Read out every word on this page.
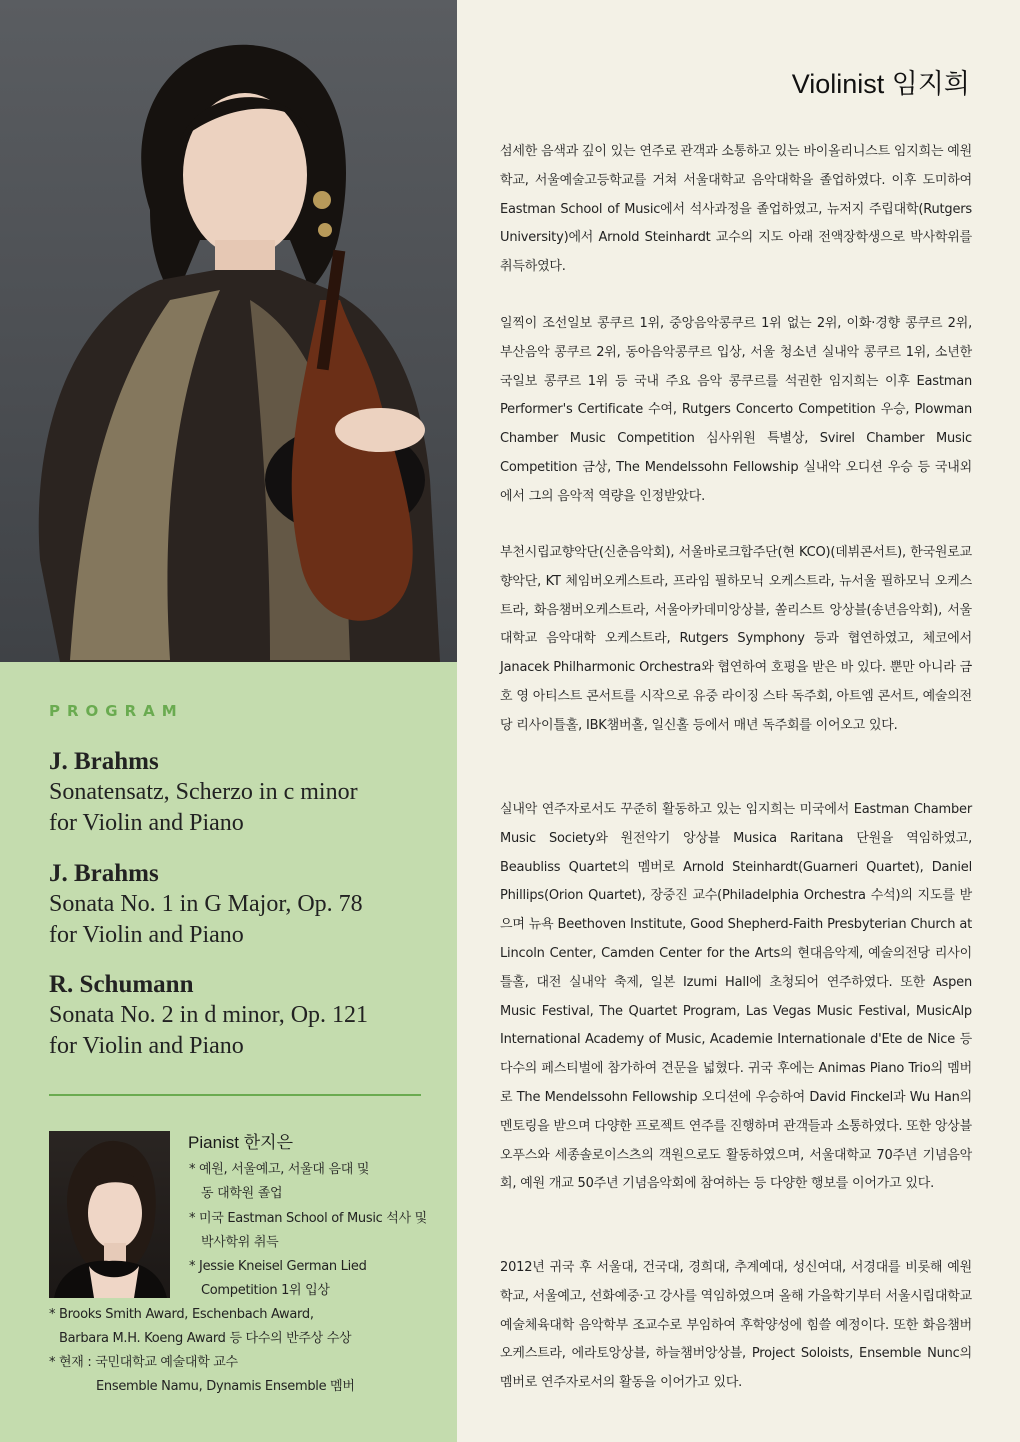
PROGRAM
J. Brahms
Sonatensatz, Scherzo in c minor
for Violin and Piano
J. Brahms
Sonata No. 1 in G Major, Op. 78
for Violin and Piano
R. Schumann
Sonata No. 2 in d minor, Op. 121
for Violin and Piano
Pianist 한지은
* 예원, 서울예고, 서울대 음대 및
동 대학원 졸업
* 미국 Eastman School of Music 석사 및
박사학위 취득
* Jessie Kneisel German Lied
Competition 1위 입상
* Brooks Smith Award, Eschenbach Award,
Barbara M.H. Koeng Award 등 다수의 반주상 수상
* 현재 : 국민대학교 예술대학 교수
Ensemble Namu, Dynamis Ensemble 멤버
Violinist 임지희
섬세한 음색과 깊이 있는 연주로 관객과 소통하고 있는 바이올리니스트 임지희는 예원학교, 서울예술고등학교를 거쳐 서울대학교 음악대학을 졸업하였다. 이후 도미하여 Eastman School of Music에서 석사과정을 졸업하였고, 뉴저지 주립대학(Rutgers University)에서 Arnold Steinhardt 교수의 지도 아래 전액장학생으로 박사학위를 취득하였다.
일찍이 조선일보 콩쿠르 1위, 중앙음악콩쿠르 1위 없는 2위, 이화·경향 콩쿠르 2위, 부산음악 콩쿠르 2위, 동아음악콩쿠르 입상, 서울 청소년 실내악 콩쿠르 1위, 소년한국일보 콩쿠르 1위 등 국내 주요 음악 콩쿠르를 석권한 임지희는 이후 Eastman Performer's Certificate 수여, Rutgers Concerto Competition 우승, Plowman Chamber Music Competition 심사위원 특별상, Svirel Chamber Music Competition 금상, The Mendelssohn Fellowship 실내악 오디션 우승 등 국내외에서 그의 음악적 역량을 인정받았다.
부천시립교향악단(신춘음악회), 서울바로크합주단(현 KCO)(데뷔콘서트), 한국원로교향악단, KT 체임버오케스트라, 프라임 필하모닉 오케스트라, 뉴서울 필하모닉 오케스트라, 화음챔버오케스트라, 서울아카데미앙상블, 쏠리스트 앙상블(송년음악회), 서울대학교 음악대학 오케스트라, Rutgers Symphony 등과 협연하였고, 체코에서 Janacek Philharmonic Orchestra와 협연하여 호평을 받은 바 있다. 뿐만 아니라 금호 영 아티스트 콘서트를 시작으로 유중 라이징 스타 독주회, 아트엠 콘서트, 예술의전당 리사이틀홀, IBK챔버홀, 일신홀 등에서 매년 독주회를 이어오고 있다.
실내악 연주자로서도 꾸준히 활동하고 있는 임지희는 미국에서 Eastman Chamber Music Society와 원전악기 앙상블 Musica Raritana 단원을 역임하였고, Beaubliss Quartet의 멤버로 Arnold Steinhardt(Guarneri Quartet), Daniel Phillips(Orion Quartet), 장중진 교수(Philadelphia Orchestra 수석)의 지도를 받으며 뉴욕 Beethoven Institute, Good Shepherd-Faith Presbyterian Church at Lincoln Center, Camden Center for the Arts의 현대음악제, 예술의전당 리사이틀홀, 대전 실내악 축제, 일본 Izumi Hall에 초청되어 연주하였다. 또한 Aspen Music Festival, The Quartet Program, Las Vegas Music Festival, MusicAlp International Academy of Music, Academie Internationale d'Ete de Nice 등 다수의 페스티벌에 참가하여 견문을 넓혔다. 귀국 후에는 Animas Piano Trio의 멤버로 The Mendelssohn Fellowship 오디션에 우승하여 David Finckel과 Wu Han의 멘토링을 받으며 다양한 프로젝트 연주를 진행하며 관객들과 소통하였다. 또한 앙상블 오푸스와 세종솔로이스츠의 객원으로도 활동하였으며, 서울대학교 70주년 기념음악회, 예원 개교 50주년 기념음악회에 참여하는 등 다양한 행보를 이어가고 있다.
2012년 귀국 후 서울대, 건국대, 경희대, 추계예대, 성신여대, 서경대를 비롯해 예원학교, 서울예고, 선화예중·고 강사를 역임하였으며 올해 가을학기부터 서울시립대학교 예술체육대학 음악학부 조교수로 부임하여 후학양성에 힘쓸 예정이다. 또한 화음챔버오케스트라, 에라토앙상블, 하늘챔버앙상블, Project Soloists, Ensemble Nunc의 멤버로 연주자로서의 활동을 이어가고 있다.
